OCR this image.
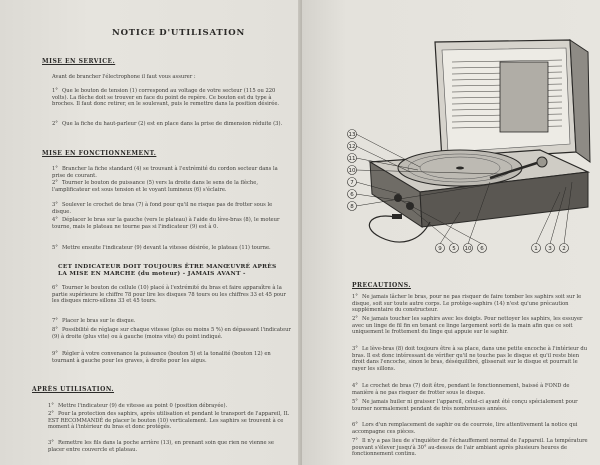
NOTICE D'UTILISATION
MISE EN SERVICE.
Avant de brancher l'électrophone il faut vous assurer :
1° Que le bouton de tension (1) correspond au voltage de votre secteur (115 ou 220 volts). La flèche doit se trouver en face du point de repère. Ce bouton est du type à broches. Il faut donc retirer, en le soulevant, puis le remettre dans la position désirée.
2° Que la fiche du haut-parleur (2) est en place dans la prise de dimension réduite (3).
MISE EN FONCTIONNEMENT.
1° Brancher la fiche standard (4) se trouvant à l'extrémité du cordon secteur dans la prise de courant.
2° Tourner le bouton de puissance (5) vers la droite dans le sens de la flèche, l'amplificateur est sous tension et le voyant lumineux (6) s'éclaire.
3° Soulever le crochet de bras (7) à fond pour qu'il ne risque pas de frotter sous le disque.
4° Déplacer le bras sur la gauche (vers le plateau) à l'aide du lève-bras (8), le moteur tourne, mais le plateau ne tourne pas si l'indicateur (9) est à 0.
5° Mettre ensuite l'indicateur (9) devant la vitesse désirée, le plateau (11) tourne.
CET INDICATEUR DOIT TOUJOURS ÊTRE MANŒUVRÉ APRÈS LA MISE EN MARCHE (du moteur) - JAMAIS AVANT -
6° Tourner le bouton de cellule (10) placé à l'extrémité du bras et faire apparaître à la partie supérieure le chiffre 78 pour lire les disques 78 tours ou les chiffres 33 et 45 pour les disques micro-sillons 33 et 45 tours.
7° Placer le bras sur le disque.
8° Possibilité de réglage sur chaque vitesse (plus ou moins 5 %) en dépassant l'indicateur (9) à droite (plus vite) ou à gauche (moins vite) du point indiqué.
9° Régler à votre convenance la puissance (bouton 5) et la tonalité (bouton 12) en tournant à gauche pour les graves, à droite pour les aigus.
APRÈS UTILISATION.
1° Mettre l'indicateur (9) de vitesse au point 0 (position débrayée).
2° Pour la protection des saphirs, après utilisation et pendant le transport de l'appareil, IL EST RECOMMANDÉ de placer le bouton (10) verticalement. Les saphirs se trouvent à ce moment à l'intérieur du bras et donc protégés.
3° Remettre les fils dans la poche arrière (13), en prenant soin que rien ne vienne se placer entre couvercle et plateau.
13
12
11
10
7
6
8
9 5 10 6	1 3 2
PRECAUTIONS.
1° Ne jamais lâcher le bras, pour ne pas risquer de faire tomber les saphirs soit sur le disque, soit sur toute autre corps. Le protège-saphirs (14) n'est qu'une précaution supplémentaire du constructeur.
2° Ne jamais toucher les saphirs avec les doigts. Pour nettoyer les saphirs, les essuyer avec un linge de fil fin en tenant ce linge largement sorti de la main afin que ce soit uniquement le frottement du linge qui appuie sur le saphir.
3° Le lève-bras (8) doit toujours être à sa place, dans une petite encoche à l'intérieur du bras. Il est donc intéressant de vérifier qu'il ne touche pas le disque et qu'il reste bien droit dans l'encoche, sinon le bras, déséquilibré, glisserait sur le disque et pourrait le rayer les sillons.
4° Le crochet de bras (7) doit être, pendant le fonctionnement, baissé à FOND de manière à ne pas risquer de frotter sous le disque.
5° Ne jamais huiler ni graisser l'appareil, celui-ci ayant été conçu spécialement pour tourner normalement pendant de très nombreuses années.
6° Lors d'un remplacement de saphir ou de courroie, lire attentivement la notice qui accompagne ces pièces.
7° Il n'y a pas lieu de s'inquiéter de l'échauffement normal de l'appareil. La température pouvant s'élever jusqu'à 30° au-dessus de l'air ambiant après plusieurs heures de fonctionnement continu.
